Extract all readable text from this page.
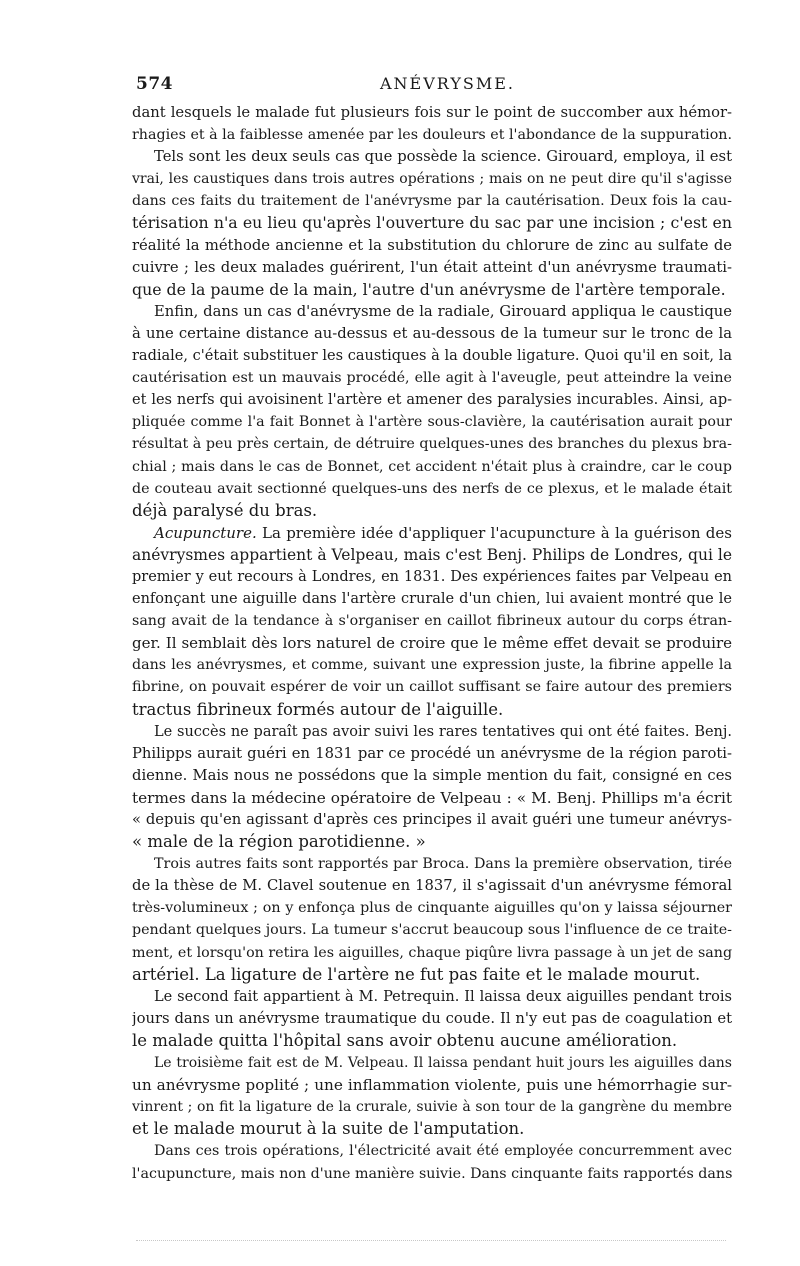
574	ANÉVRYSME.
dant lesquels le malade fut plusieurs fois sur le point de succomber aux hémor-
rhagies et à la faiblesse amenée par les douleurs et l'abondance de la suppuration.
Tels sont les deux seuls cas que possède la science. Girouard, employa, il est
vrai, les caustiques dans trois autres opérations ; mais on ne peut dire qu'il s'agisse
dans ces faits du traitement de l'anévrysme par la cautérisation. Deux fois la cau-
térisation n'a eu lieu qu'après l'ouverture du sac par une incision ; c'est en
réalité la méthode ancienne et la substitution du chlorure de zinc au sulfate de
cuivre ; les deux malades guérirent, l'un était atteint d'un anévrysme traumati-
que de la paume de la main, l'autre d'un anévrysme de l'artère temporale.
Enfin, dans un cas d'anévrysme de la radiale, Girouard appliqua le caustique
à une certaine distance au-dessus et au-dessous de la tumeur sur le tronc de la
radiale, c'était substituer les caustiques à la double ligature. Quoi qu'il en soit, la
cautérisation est un mauvais procédé, elle agit à l'aveugle, peut atteindre la veine
et les nerfs qui avoisinent l'artère et amener des paralysies incurables. Ainsi, ap-
pliquée comme l'a fait Bonnet à l'artère sous-clavière, la cautérisation aurait pour
résultat à peu près certain, de détruire quelques-unes des branches du plexus bra-
chial ; mais dans le cas de Bonnet, cet accident n'était plus à craindre, car le coup
de couteau avait sectionné quelques-uns des nerfs de ce plexus, et le malade était
déjà paralysé du bras.
Acupuncture. La première idée d'appliquer l'acupuncture à la guérison des
anévrysmes appartient à Velpeau, mais c'est Benj. Philips de Londres, qui le
premier y eut recours à Londres, en 1831. Des expériences faites par Velpeau en
enfonçant une aiguille dans l'artère crurale d'un chien, lui avaient montré que le
sang avait de la tendance à s'organiser en caillot fibrineux autour du corps étran-
ger. Il semblait dès lors naturel de croire que le même effet devait se produire
dans les anévrysmes, et comme, suivant une expression juste, la fibrine appelle la
fibrine, on pouvait espérer de voir un caillot suffisant se faire autour des premiers
tractus fibrineux formés autour de l'aiguille.
Le succès ne paraît pas avoir suivi les rares tentatives qui ont été faites. Benj.
Philipps aurait guéri en 1831 par ce procédé un anévrysme de la région paroti-
dienne. Mais nous ne possédons que la simple mention du fait, consigné en ces
termes dans la médecine opératoire de Velpeau : « M. Benj. Phillips m'a écrit
« depuis qu'en agissant d'après ces principes il avait guéri une tumeur anévrys-
« male de la région parotidienne. »
Trois autres faits sont rapportés par Broca. Dans la première observation, tirée
de la thèse de M. Clavel soutenue en 1837, il s'agissait d'un anévrysme fémoral
très-volumineux ; on y enfonça plus de cinquante aiguilles qu'on y laissa séjourner
pendant quelques jours. La tumeur s'accrut beaucoup sous l'influence de ce traite-
ment, et lorsqu'on retira les aiguilles, chaque piqûre livra passage à un jet de sang
artériel. La ligature de l'artère ne fut pas faite et le malade mourut.
Le second fait appartient à M. Petrequin. Il laissa deux aiguilles pendant trois
jours dans un anévrysme traumatique du coude. Il n'y eut pas de coagulation et
le malade quitta l'hôpital sans avoir obtenu aucune amélioration.
Le troisième fait est de M. Velpeau. Il laissa pendant huit jours les aiguilles dans
un anévrysme poplité ; une inflammation violente, puis une hémorrhagie sur-
vinrent ; on fit la ligature de la crurale, suivie à son tour de la gangrène du membre
et le malade mourut à la suite de l'amputation.
Dans ces trois opérations, l'électricité avait été employée concurremment avec
l'acupuncture, mais non d'une manière suivie. Dans cinquante faits rapportés dans
